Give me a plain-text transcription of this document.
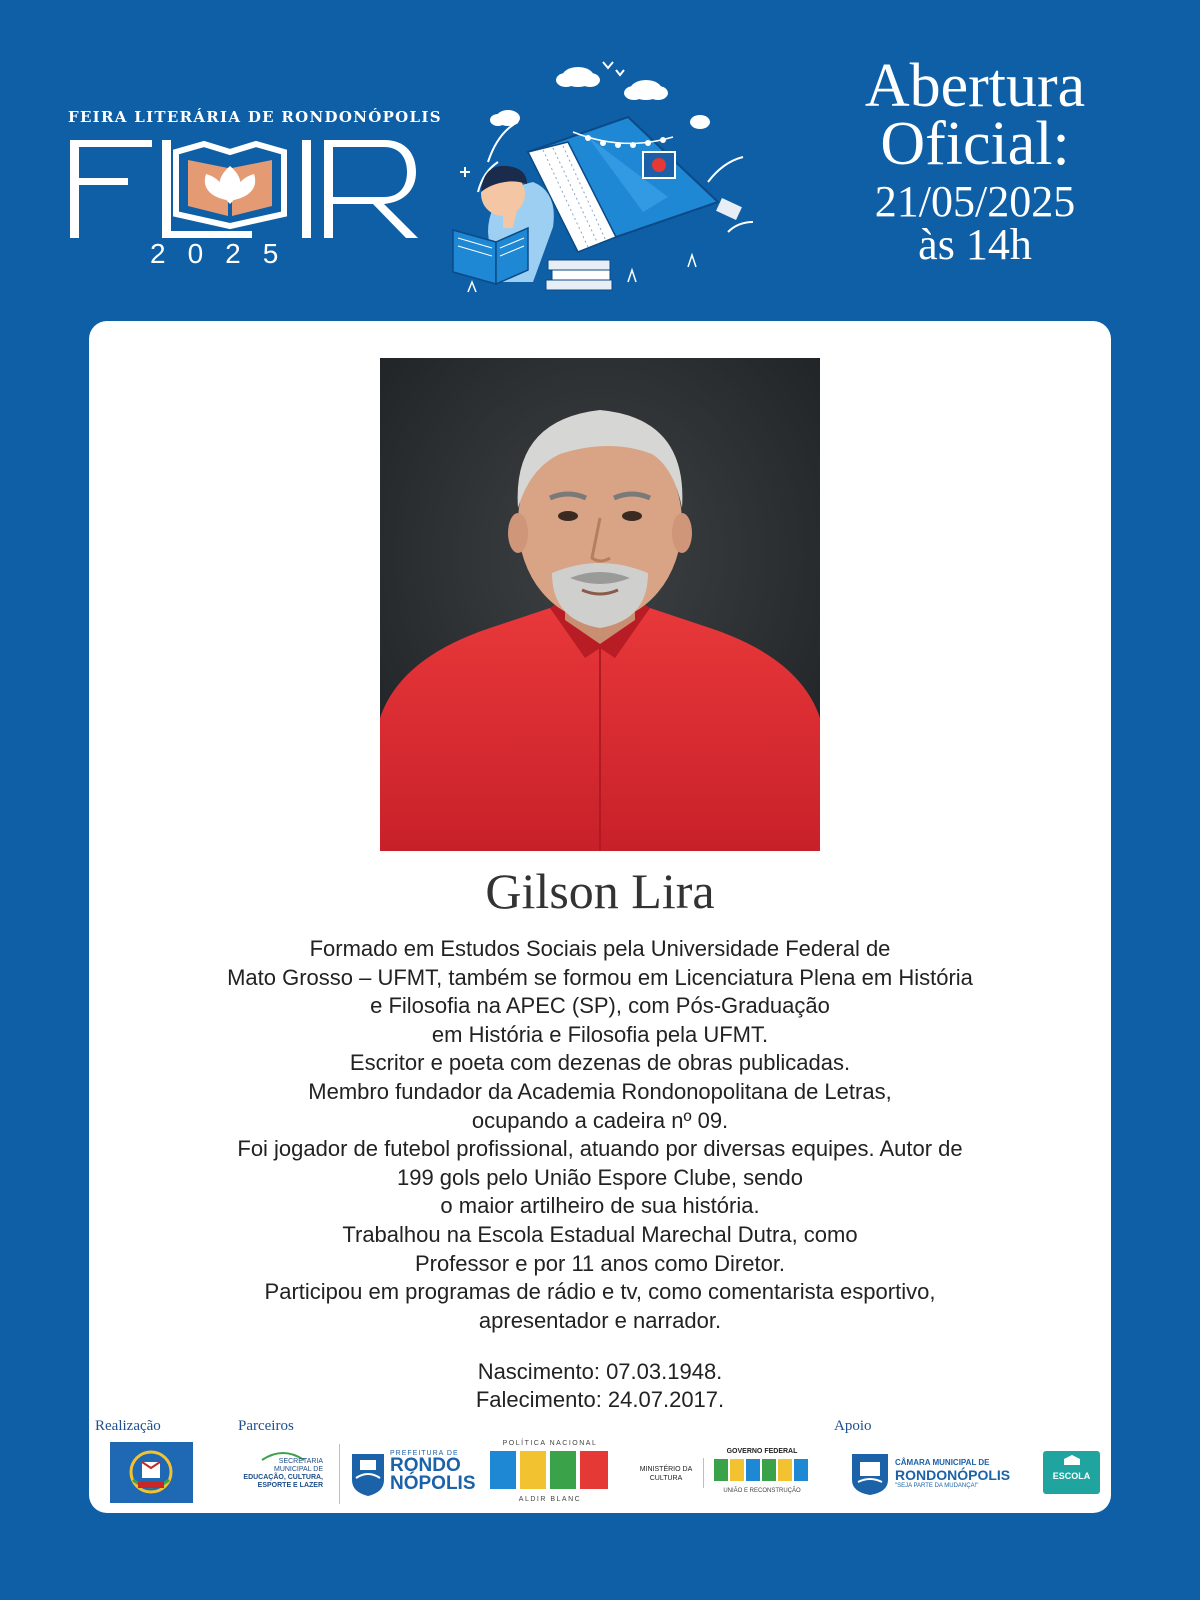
FEIRA LITERÁRIA DE RONDONÓPOLIS
2025
Abertura
Oficial:
21/05/2025
às 14h
Gilson Lira
Formado em Estudos Sociais pela Universidade Federal de
Mato Grosso – UFMT, também se formou em Licenciatura Plena em História
e Filosofia na APEC (SP), com Pós-Graduação
em História e Filosofia pela UFMT.
Escritor e poeta com dezenas de obras publicadas.
Membro fundador da Academia Rondonopolitana de Letras,
ocupando a cadeira nº 09.
Foi jogador de futebol profissional, atuando por diversas equipes. Autor de
199 gols pelo União Espore Clube, sendo
o maior artilheiro de sua história.
Trabalhou na Escola Estadual Marechal Dutra, como
Professor e por 11 anos como Diretor.
Participou em programas de rádio e tv, como comentarista esportivo,
apresentador e narrador.
Nascimento: 07.03.1948.
Falecimento: 24.07.2017.
Realização	Parceiros	Apoio
SECRETARIA
MUNICIPAL DE
EDUCAÇÃO, CULTURA,
ESPORTE E LAZER
PREFEITURA DE
RONDO
NÓPOLIS
POLÍTICA NACIONAL
ALDIR BLANC
MINISTÉRIO DA
CULTURA
GOVERNO FEDERAL
UNIÃO E RECONSTRUÇÃO
CÂMARA MUNICIPAL DE
RONDONÓPOLIS
"SEJA PARTE DA MUDANÇA!"
ESCOLA
